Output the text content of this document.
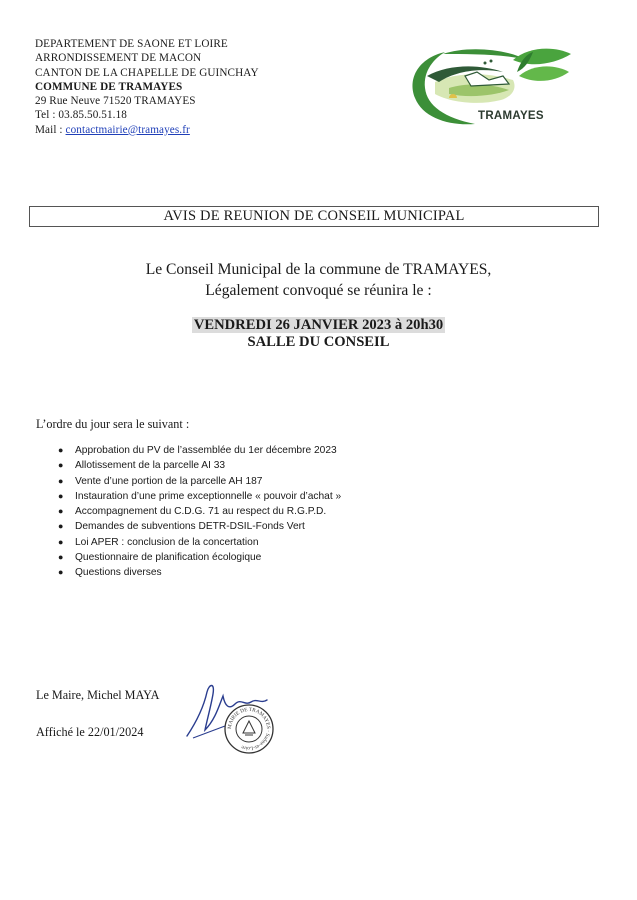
DEPARTEMENT DE SAONE ET LOIRE
ARRONDISSEMENT DE MACON
CANTON DE LA CHAPELLE DE GUINCHAY
COMMUNE DE TRAMAYES
29 Rue Neuve 71520 TRAMAYES
Tel : 03.85.50.51.18
Mail : contactmairie@tramayes.fr
TRAMAYES
AVIS DE REUNION DE CONSEIL MUNICIPAL
Le Conseil Municipal de la commune de TRAMAYES,
Légalement convoqué se réunira le :
VENDREDI 26 JANVIER 2023 à 20h30
SALLE DU CONSEIL
L’ordre du jour sera le suivant :
● Approbation du PV de l’assemblée du 1er décembre 2023
● Allotissement de la parcelle AI 33
● Vente d’une portion de la parcelle AH 187
● Instauration d’une prime exceptionnelle « pouvoir d’achat »
● Accompagnement du C.D.G. 71 au respect du R.G.P.D.
● Demandes de subventions DETR-DSIL-Fonds Vert
● Loi APER : conclusion de la concertation
● Questionnaire de planification écologique
● Questions diverses
Le Maire, Michel MAYA
Affiché le 22/01/2024	MAIRIE DE TRAMAYES · Saône-et-Loire
